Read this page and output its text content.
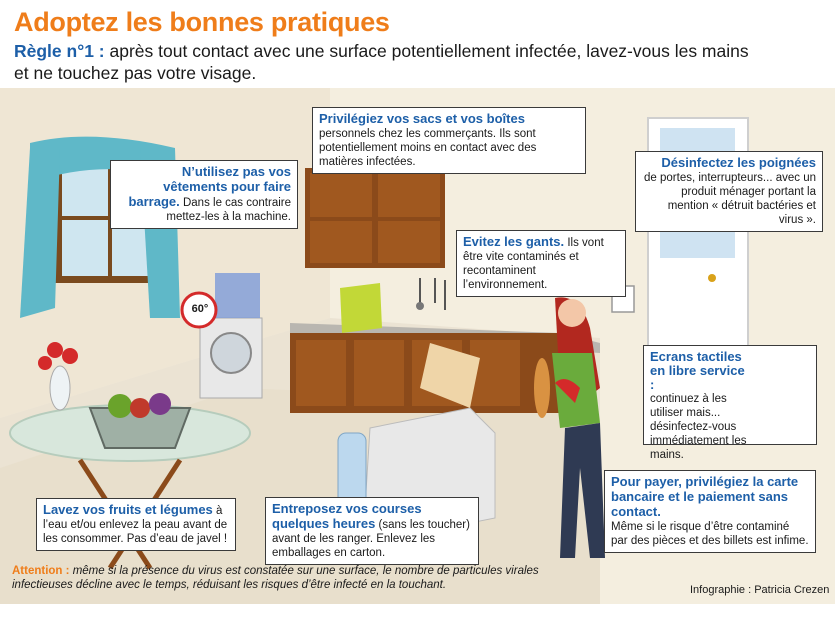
Adoptez les bonnes pratiques
Règle n°1 : après tout contact avec une surface potentiellement infectée, lavez-vous les mains
et ne touchez pas votre visage.
N’utilisez pas vos vêtements pour faire barrage. Dans le cas contraire mettez-les à la machine.
Privilégiez vos sacs et vos boîtes personnels chez les commerçants. Ils sont potentiellement moins en contact avec des matières infectées.	Désinfectez les poignées
de portes, interrupteurs... avec un produit ménager portant la mention « détruit bactéries et virus ».
Evitez les gants. Ils vont être vite contaminés et recontaminent l’environnement.
Ecrans tactiles en libre service :
continuez à les utiliser mais... désinfectez-vous immédiatement les mains.
Pour payer, privilégiez la carte bancaire et le paiement sans contact.
Même si le risque d’être contaminé par des pièces et des billets est infime.
Lavez vos fruits et légumes à l’eau et/ou enlevez la peau avant de les consommer. Pas d’eau de javel !
Entreposez vos courses quelques heures (sans les toucher) avant de les ranger. Enlevez les emballages en carton.
60°
Attention : même si la présence du virus est constatée sur une surface, le nombre de particules virales infectieuses décline avec le temps, réduisant les risques d’être infecté en la touchant.	Infographie : Patricia Crezen
